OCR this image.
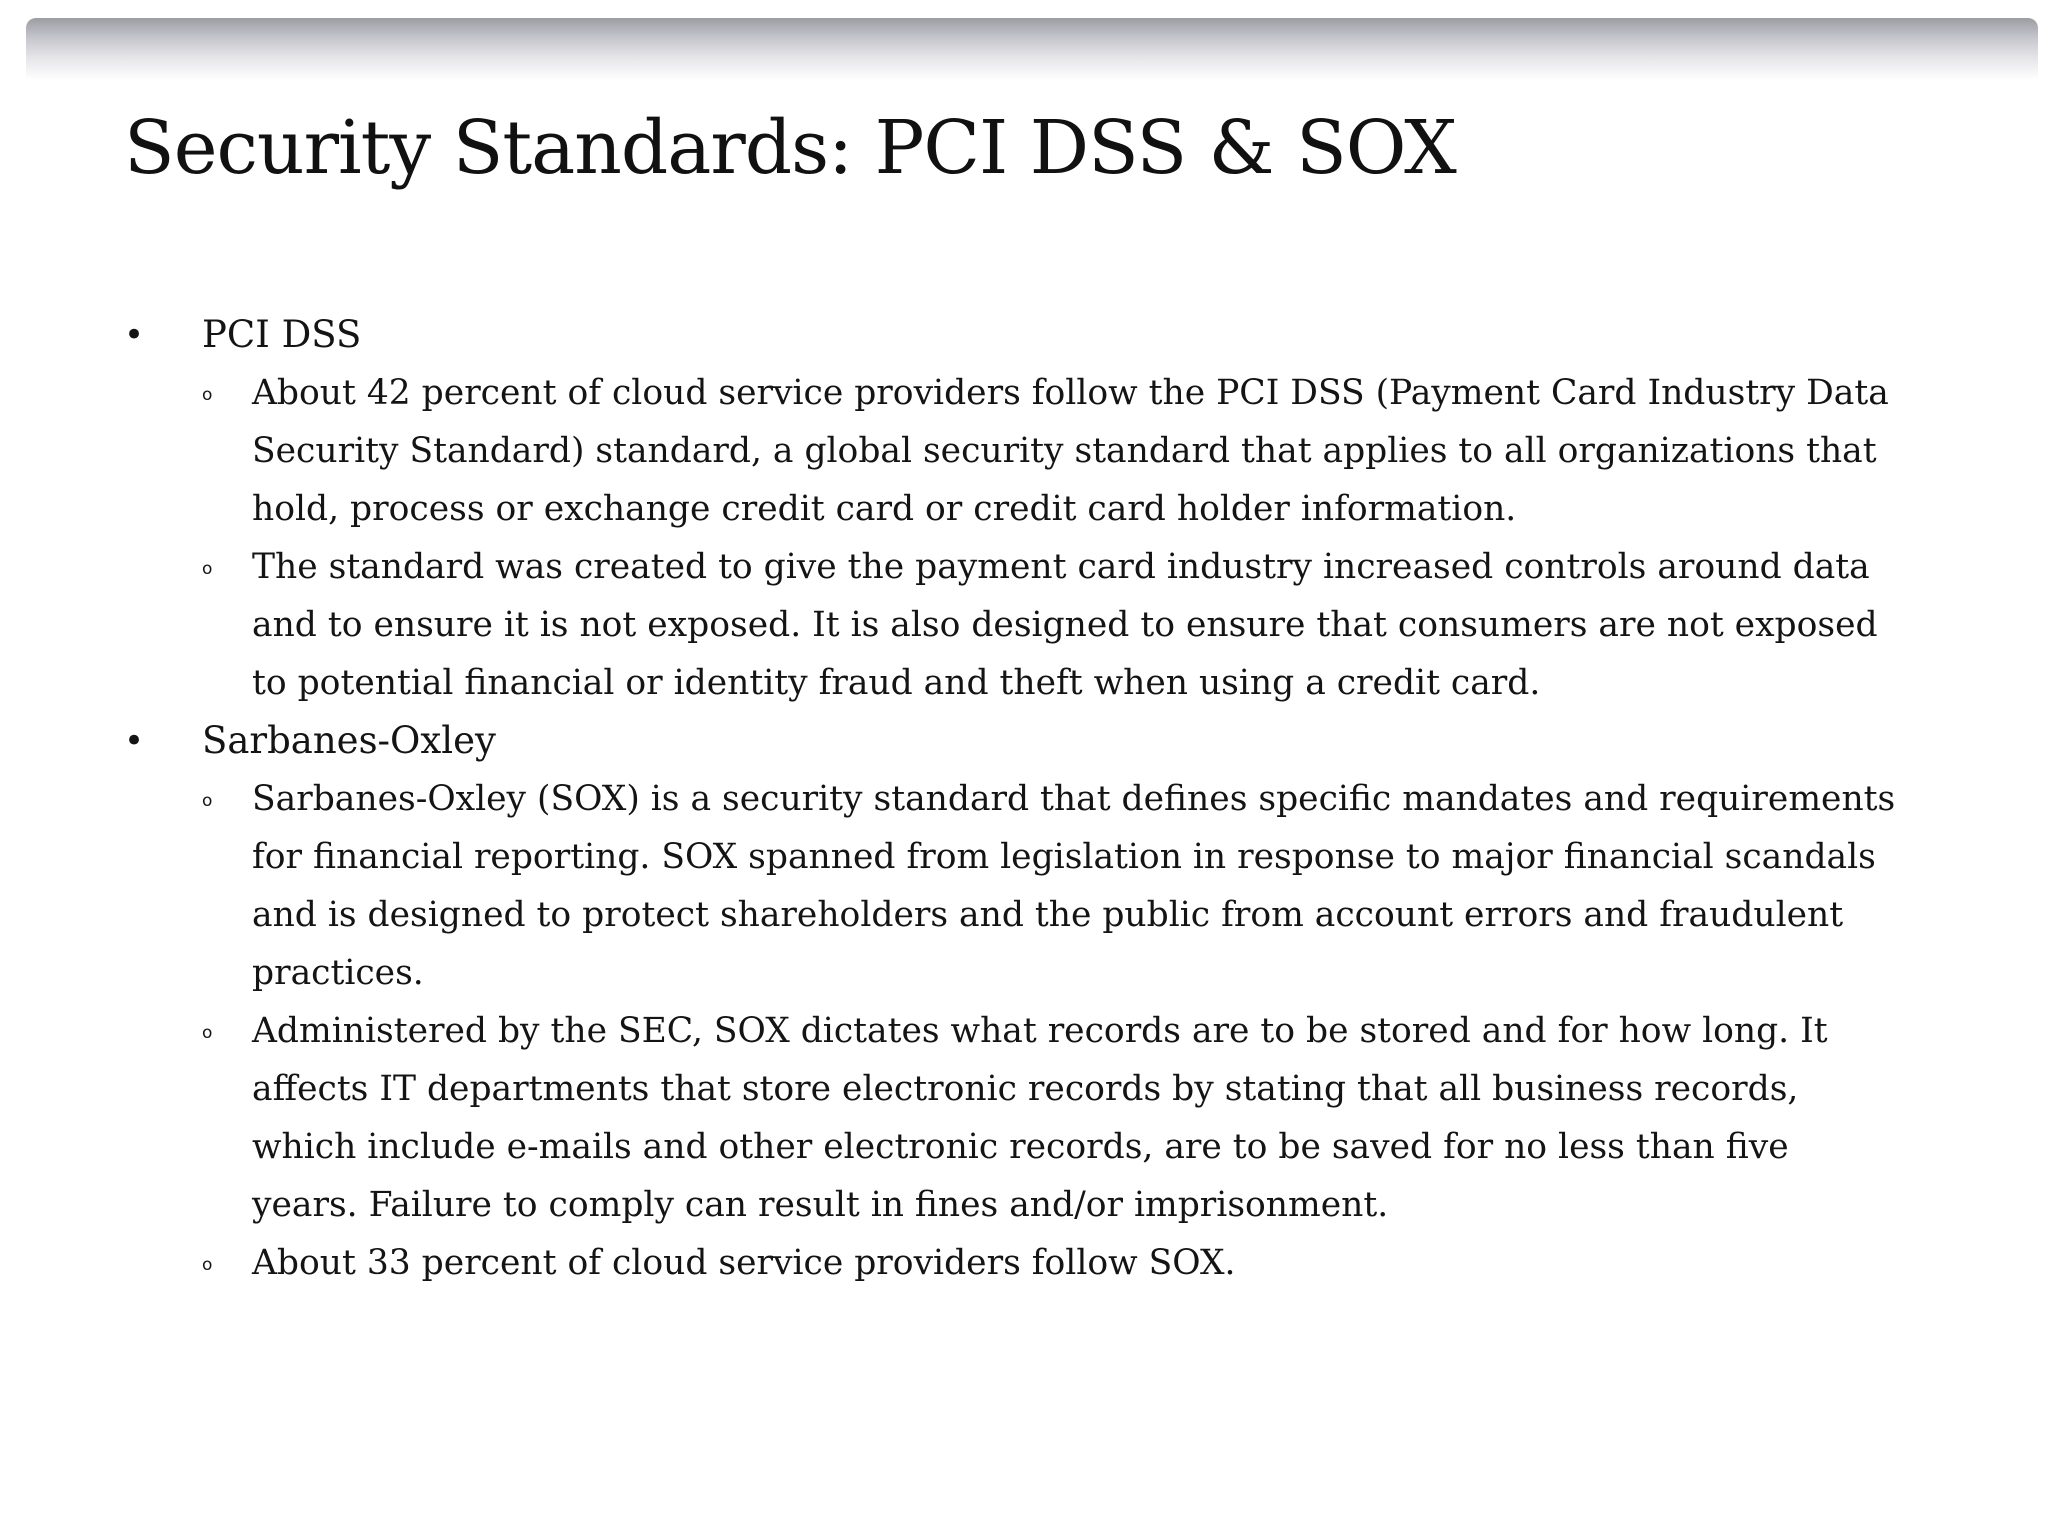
Security Standards: PCI DSS & SOX
•	PCI DSS
o About 42 percent of cloud service providers follow the PCI DSS (Payment Card Industry Data Security Standard) standard, a global security standard that applies to all organizations that hold, process or exchange credit card or credit card holder information.
o The standard was created to give the payment card industry increased controls around data and to ensure it is not exposed. It is also designed to ensure that consumers are not exposed to potential financial or identity fraud and theft when using a credit card.
•	Sarbanes-Oxley
o Sarbanes-Oxley (SOX) is a security standard that defines specific mandates and requirements for financial reporting. SOX spanned from legislation in response to major financial scandals and is designed to protect shareholders and the public from account errors and fraudulent practices.
o Administered by the SEC, SOX dictates what records are to be stored and for how long. It affects IT departments that store electronic records by stating that all business records, which include e-mails and other electronic records, are to be saved for no less than five years. Failure to comply can result in fines and/or imprisonment.
o About 33 percent of cloud service providers follow SOX.
